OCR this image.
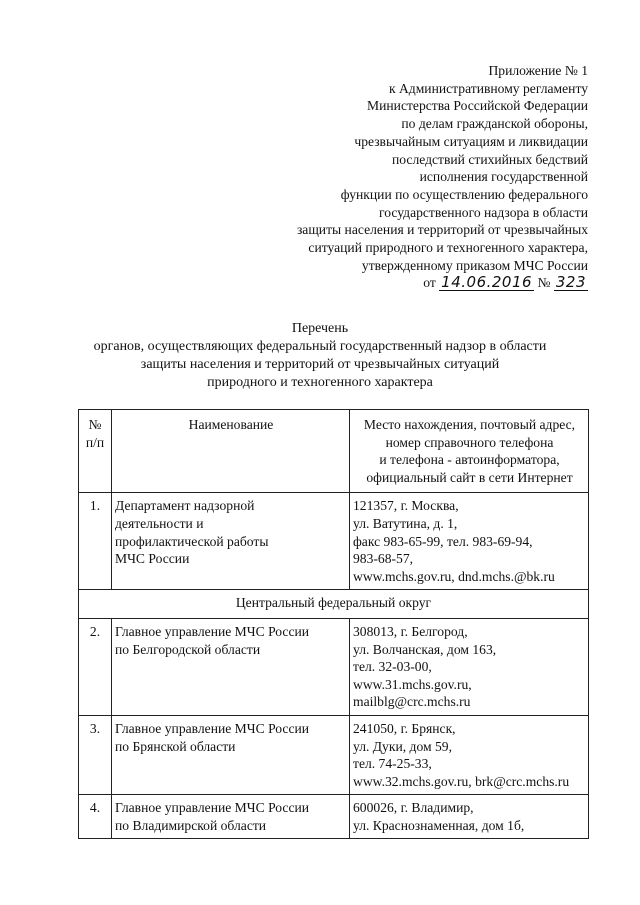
Приложение № 1
к Административному регламенту
Министерства Российской Федерации
по делам гражданской обороны,
чрезвычайным ситуациям и ликвидации
последствий стихийных бедствий
исполнения государственной
функции по осуществлению федерального
государственного надзора в области
защиты населения и территорий от чрезвычайных
ситуаций природного и техногенного характера,
утвержденному приказом МЧС России
от 14.06.2016 № 323
Перечень
органов, осуществляющих федеральный государственный надзор в области
защиты населения и территорий от чрезвычайных ситуаций
природного и техногенного характера
№
п/п	Наименование	Место нахождения, почтовый адрес,
номер справочного телефона
и телефона - автоинформатора,
официальный сайт в сети Интернет

1.	Департамент надзорной
деятельности и
профилактической работы
МЧС России	121357, г. Москва,
ул. Ватутина, д. 1,
факс 983-65-99, тел. 983-69-94,
983-68-57,
www.mchs.gov.ru, dnd.mchs.@bk.ru

Центральный федеральный округ		
2.	Главное управление МЧС России
по Белгородской области	308013, г. Белгород,
ул. Волчанская, дом 163,
тел. 32-03-00,
www.31.mchs.gov.ru,
mailblg@crc.mchs.ru

3.	Главное управление МЧС России
по Брянской области	241050, г. Брянск,
ул. Дуки, дом 59,
тел. 74-25-33,
www.32.mchs.gov.ru, brk@crc.mchs.ru

4.	Главное управление МЧС России
по Владимирской области	600026, г. Владимир,
ул. Краснознаменная, дом 1б,
